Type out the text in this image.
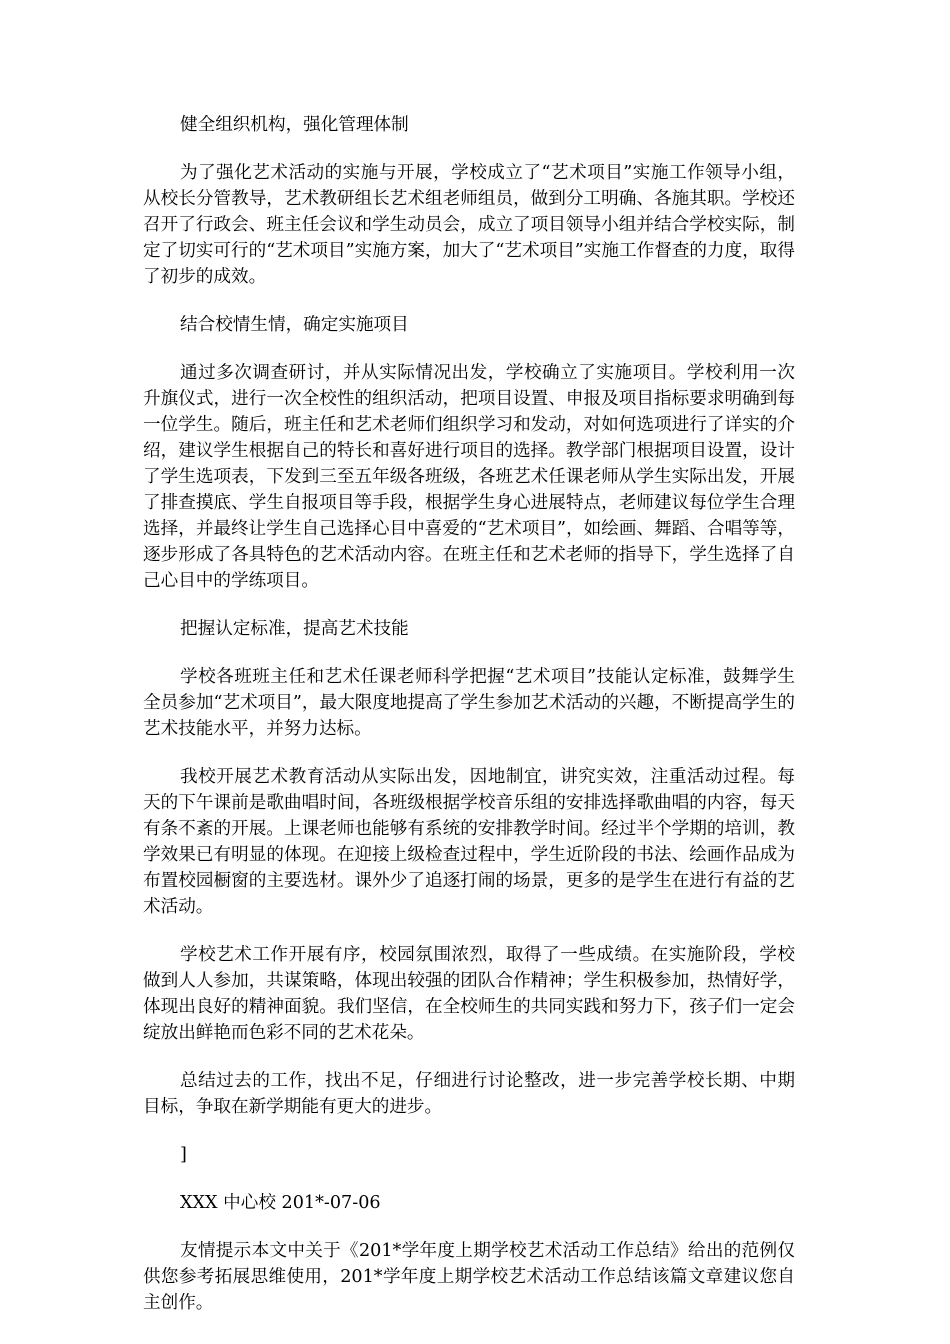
健全组织机构，强化管理体制

为了强化艺术活动的实施与开展，学校成立了“艺术项目”实施工作领导小组，从校长分管教导，艺术教研组长艺术组老师组员，做到分工明确、各施其职。学校还召开了行政会、班主任会议和学生动员会，成立了项目领导小组并结合学校实际，制定了切实可行的“艺术项目”实施方案，加大了“艺术项目”实施工作督查的力度，取得了初步的成效。

结合校情生情，确定实施项目

通过多次调查研讨，并从实际情况出发，学校确立了实施项目。学校利用一次升旗仪式，进行一次全校性的组织活动，把项目设置、申报及项目指标要求明确到每一位学生。随后，班主任和艺术老师们组织学习和发动，对如何选项进行了详实的介绍，建议学生根据自己的特长和喜好进行项目的选择。教学部门根据项目设置，设计了学生选项表，下发到三至五年级各班级，各班艺术任课老师从学生实际出发，开展了排查摸底、学生自报项目等手段，根据学生身心进展特点，老师建议每位学生合理选择，并最终让学生自己选择心目中喜爱的“艺术项目”，如绘画、舞蹈、合唱等等，逐步形成了各具特色的艺术活动内容。在班主任和艺术老师的指导下，学生选择了自己心目中的学练项目。

把握认定标准，提高艺术技能

学校各班班主任和艺术任课老师科学把握“艺术项目”技能认定标准，鼓舞学生全员参加“艺术项目”，最大限度地提高了学生参加艺术活动的兴趣，不断提高学生的艺术技能水平，并努力达标。

我校开展艺术教育活动从实际出发，因地制宜，讲究实效，注重活动过程。每天的下午课前是歌曲唱时间，各班级根据学校音乐组的安排选择歌曲唱的内容，每天有条不紊的开展。上课老师也能够有系统的安排教学时间。经过半个学期的培训，教学效果已有明显的体现。在迎接上级检查过程中，学生近阶段的书法、绘画作品成为布置校园橱窗的主要选材。课外少了追逐打闹的场景，更多的是学生在进行有益的艺术活动。

学校艺术工作开展有序，校园氛围浓烈，取得了一些成绩。在实施阶段，学校做到人人参加，共谋策略，体现出较强的团队合作精神；学生积极参加，热情好学，体现出良好的精神面貌。我们坚信，在全校师生的共同实践和努力下，孩子们一定会绽放出鲜艳而色彩不同的艺术花朵。

总结过去的工作，找出不足，仔细进行讨论整改，进一步完善学校长期、中期目标，争取在新学期能有更大的进步。

]

XXX 中心校 201*-07-06

友情提示本文中关于《201*学年度上期学校艺术活动工作总结》给出的范例仅供您参考拓展思维使用，201*学年度上期学校艺术活动工作总结该篇文章建议您自主创作。
